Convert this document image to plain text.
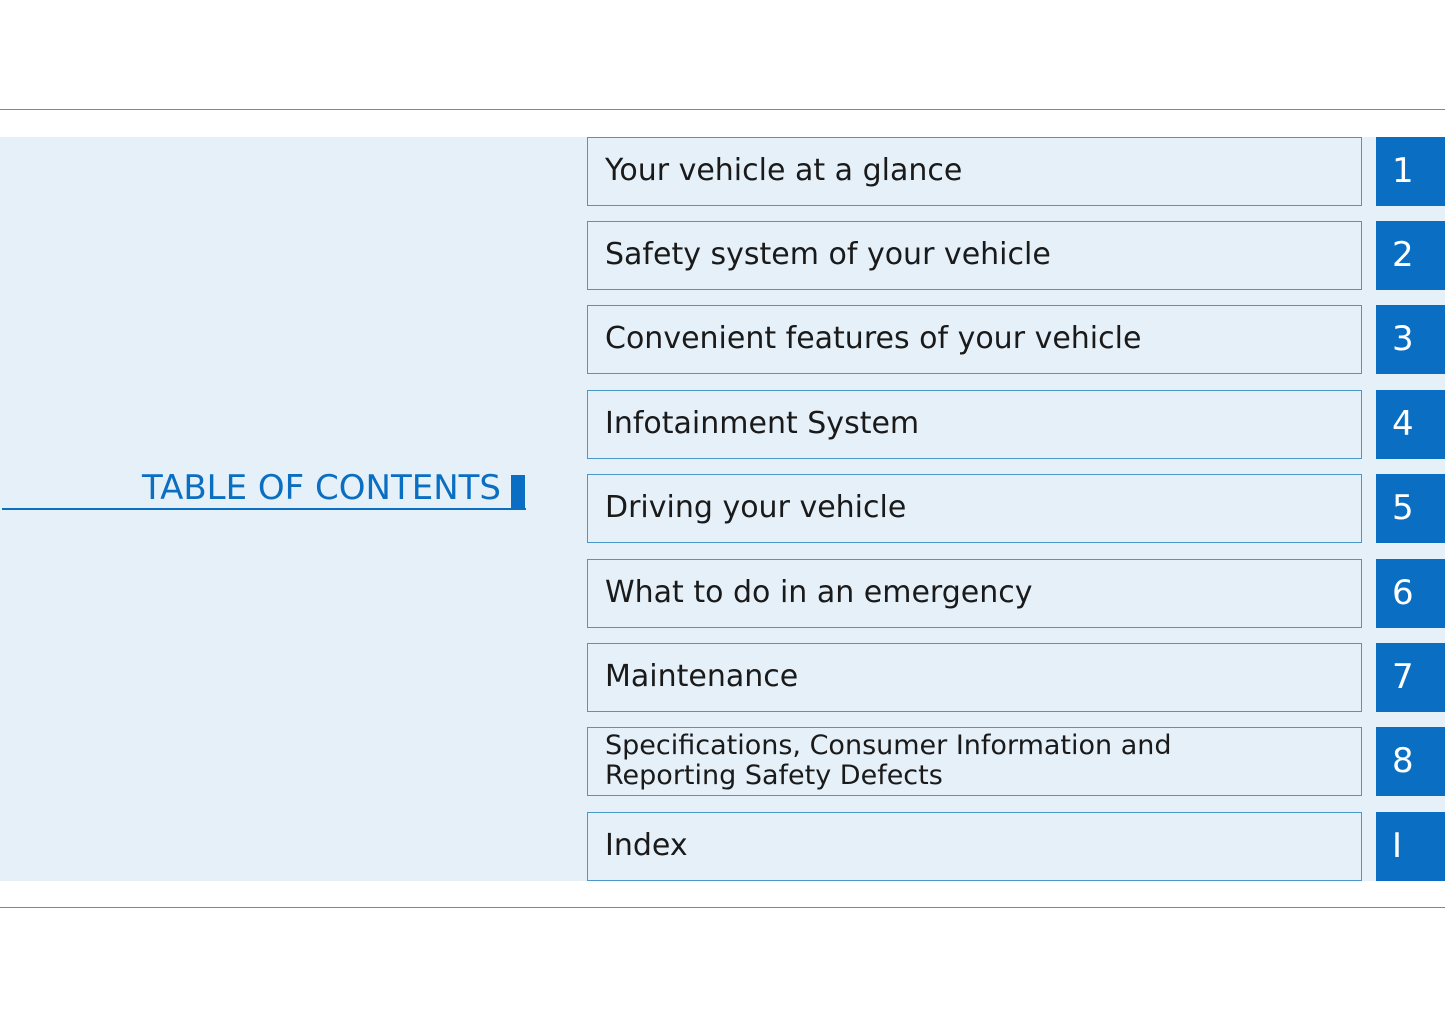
TABLE OF CONTENTS
Your vehicle at a glance	1
Safety system of your vehicle	2
Convenient features of your vehicle	3
Infotainment System	4
Driving your vehicle	5
What to do in an emergency	6
Maintenance	7
Specifications, Consumer Information and
Reporting Safety Defects	8
Index	I
